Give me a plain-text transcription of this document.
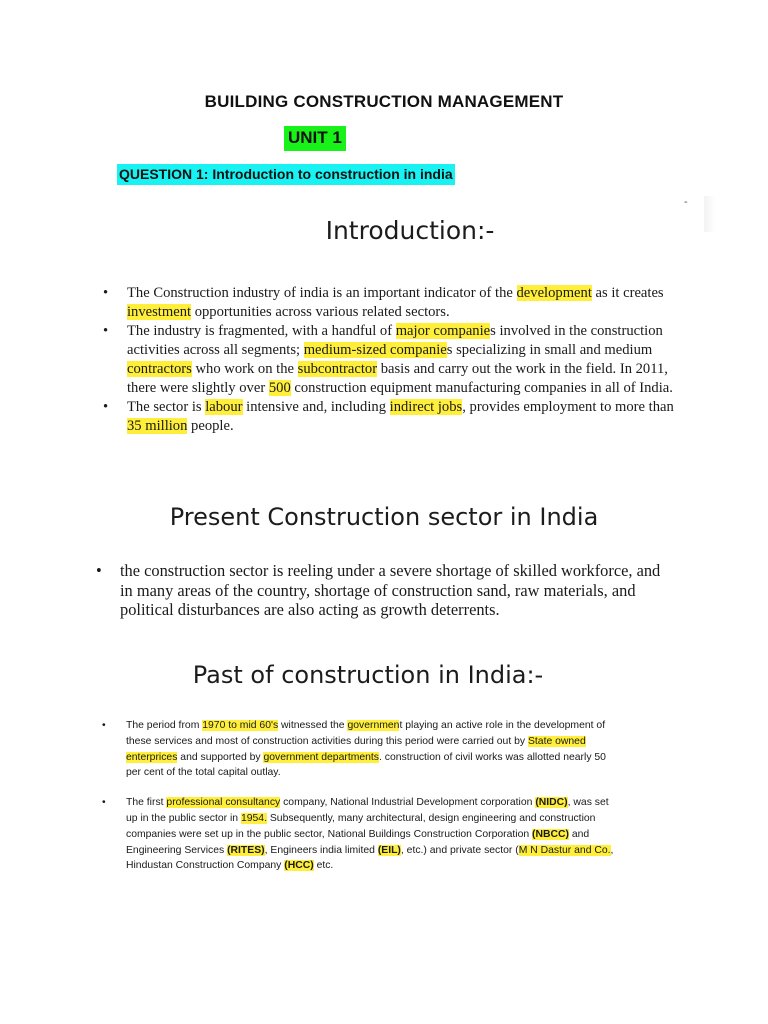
BUILDING CONSTRUCTION MANAGEMENT
UNIT 1
QUESTION 1: Introduction to construction in india
-
Introduction:-
• The Construction industry of india is an important indicator of the development as it creates investment opportunities across various related sectors.
• The industry is fragmented, with a handful of major companies involved in the construction activities across all segments; medium-sized companies specializing in small and medium contractors who work on the subcontractor basis and carry out the work in the field. In 2011, there were slightly over 500 construction equipment manufacturing companies in all of India.
• The sector is labour intensive and, including indirect jobs, provides employment to more than 35 million people.
Present Construction sector in India
• the construction sector is reeling under a severe shortage of skilled workforce, and in many areas of the country, shortage of construction sand, raw materials, and political disturbances are also acting as growth deterrents.
Past of construction in India:-
• The period from 1970 to mid 60's witnessed the government playing an active role in the development of these services and most of construction activities during this period were carried out by State owned enterprices and supported by government departments. construction of civil works was allotted nearly 50 per cent of the total capital outlay.
• The first professional consultancy company, National Industrial Development corporation (NIDC), was set up in the public sector in 1954. Subsequently, many architectural, design engineering and construction companies were set up in the public sector, National Buildings Construction Corporation (NBCC) and Engineering Services (RITES), Engineers india limited (EIL), etc.) and private sector (M N Dastur and Co., Hindustan Construction Company (HCC) etc.
